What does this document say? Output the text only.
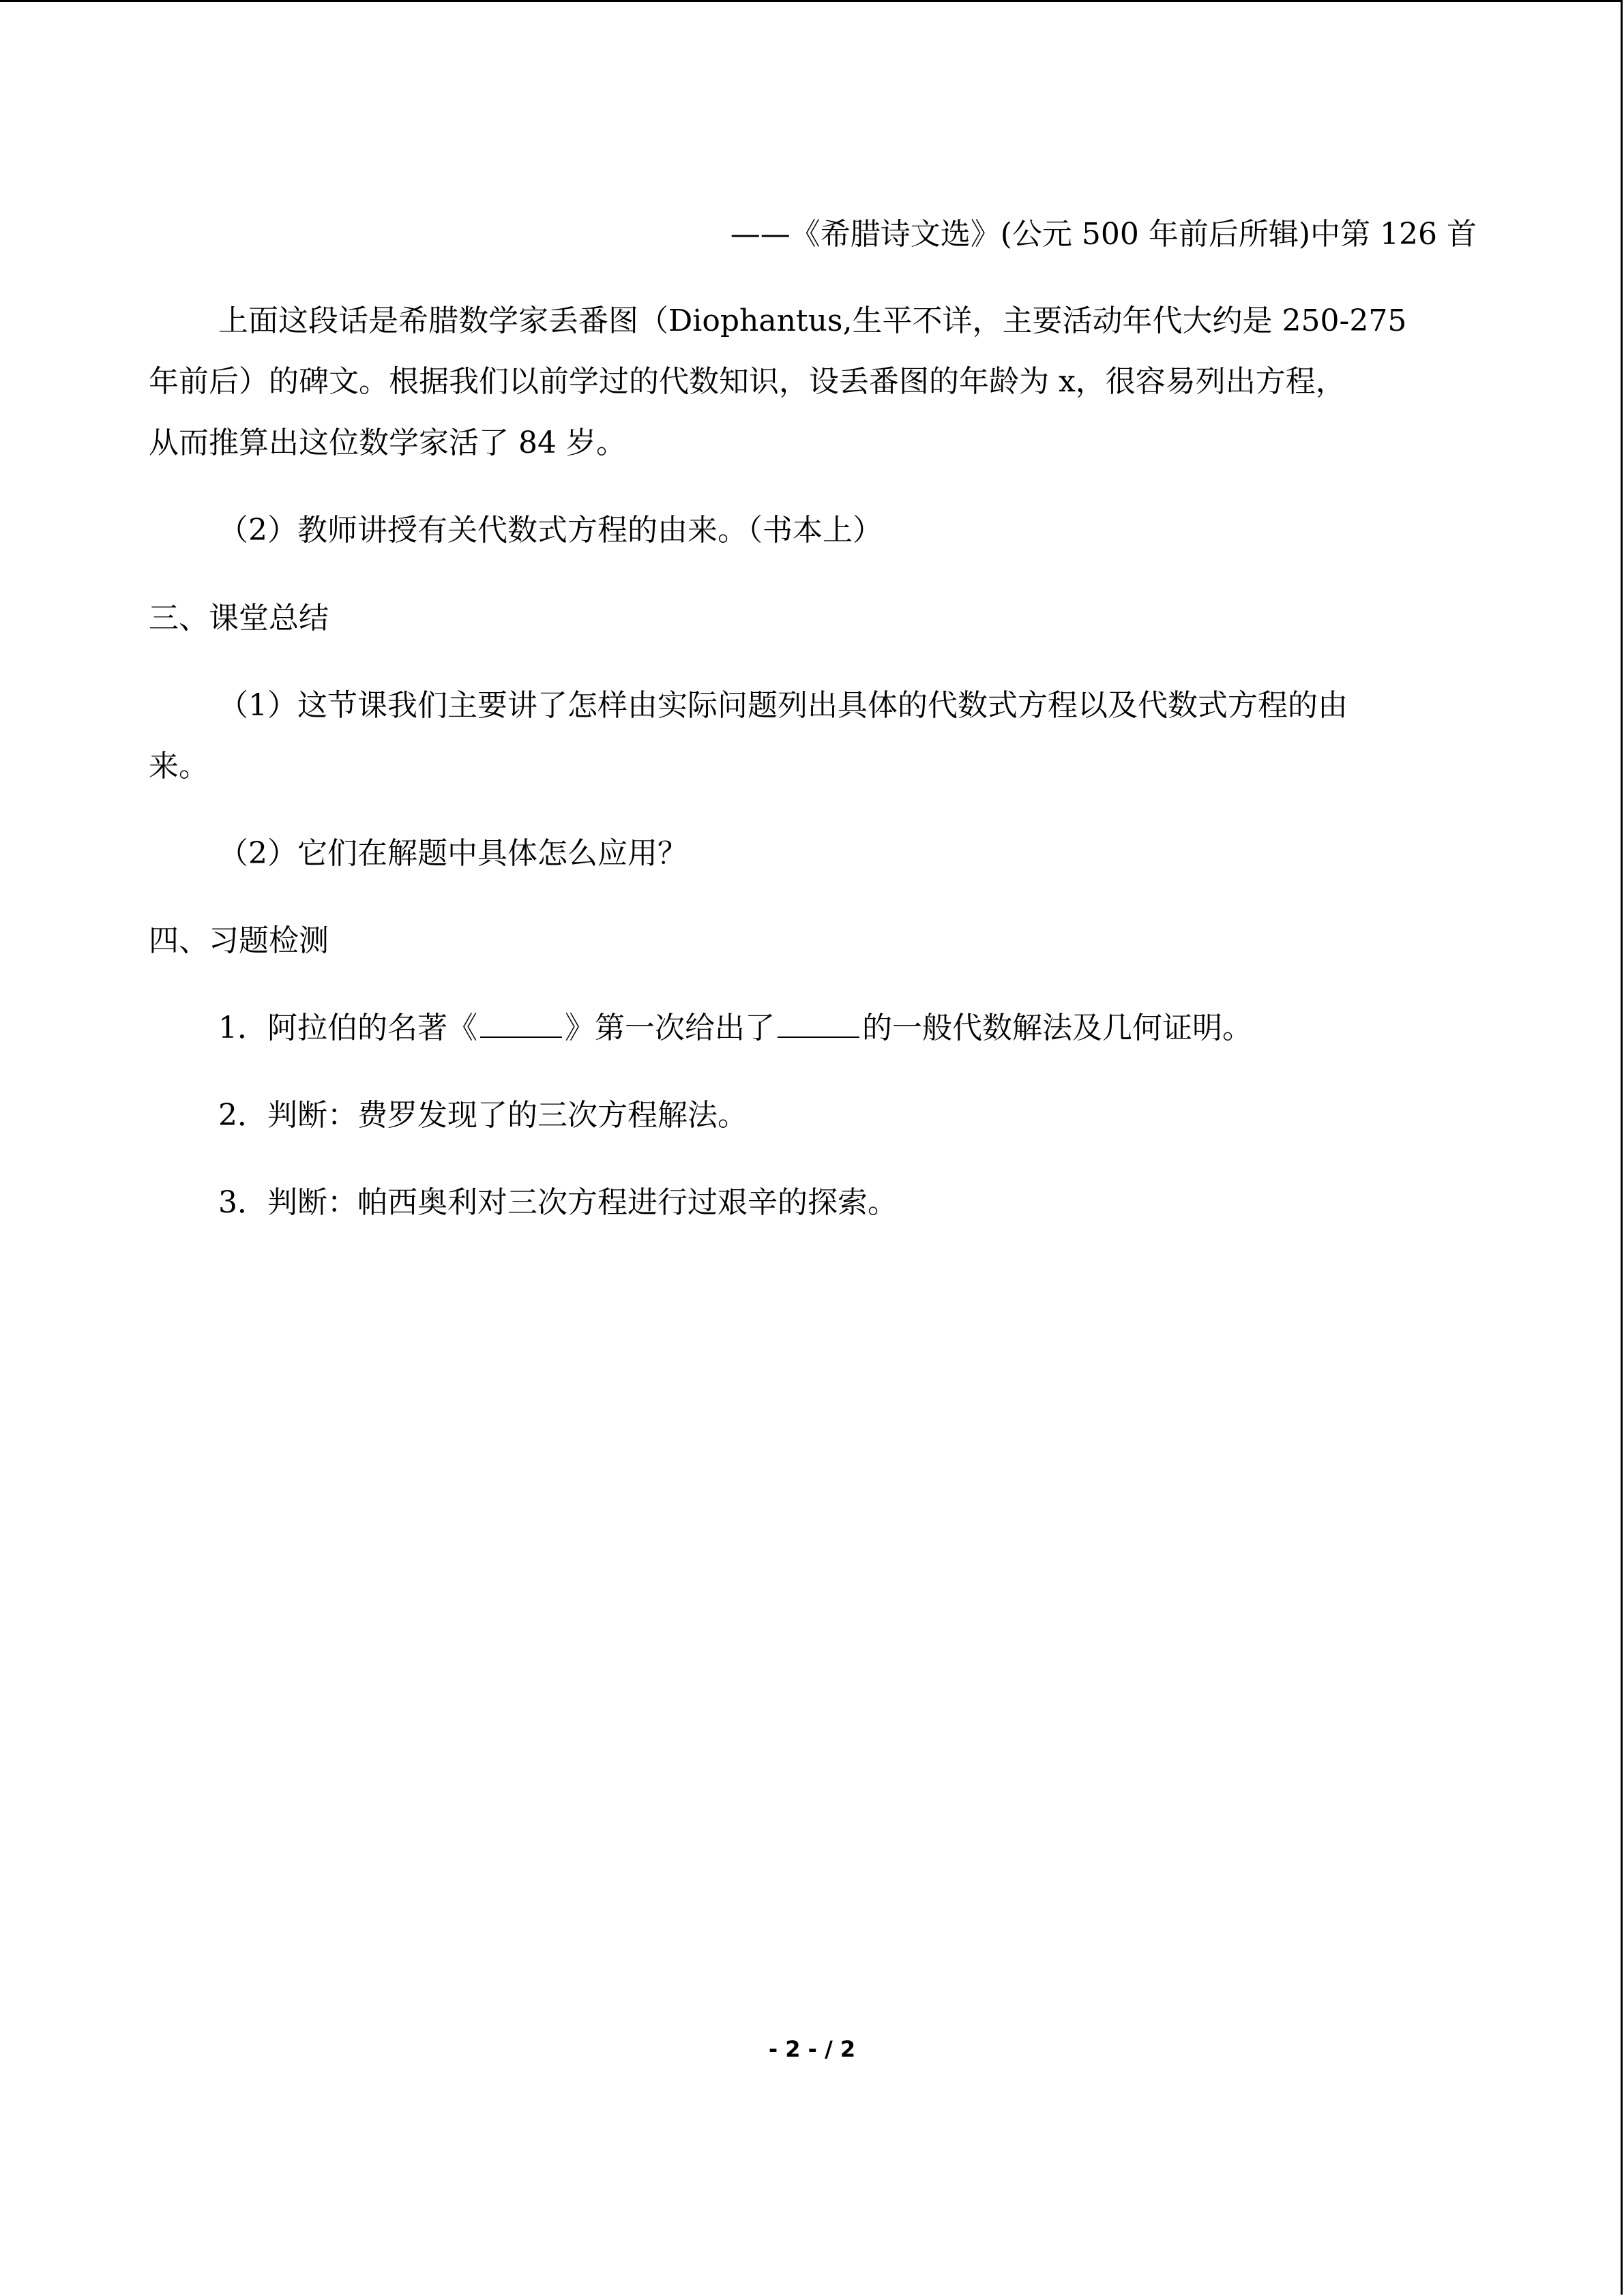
——《希腊诗文选》(公元 500 年前后所辑)中第 126 首
上面这段话是希腊数学家丢番图（Diophantus,生平不详，主要活动年代大约是 250-275
年前后）的碑文。根据我们以前学过的代数知识，设丢番图的年龄为 x，很容易列出方程，
从而推算出这位数学家活了 84 岁。
（2）教师讲授有关代数式方程的由来。（书本上）
三、课堂总结
（1）这节课我们主要讲了怎样由实际问题列出具体的代数式方程以及代数式方程的由
来。
（2）它们在解题中具体怎么应用？
四、习题检测
1．阿拉伯的名著《	》第一次给出了	的一般代数解法及几何证明。
2．判断：费罗发现了的三次方程解法。
3．判断：帕西奥利对三次方程进行过艰辛的探索。
- 2 - / 2
